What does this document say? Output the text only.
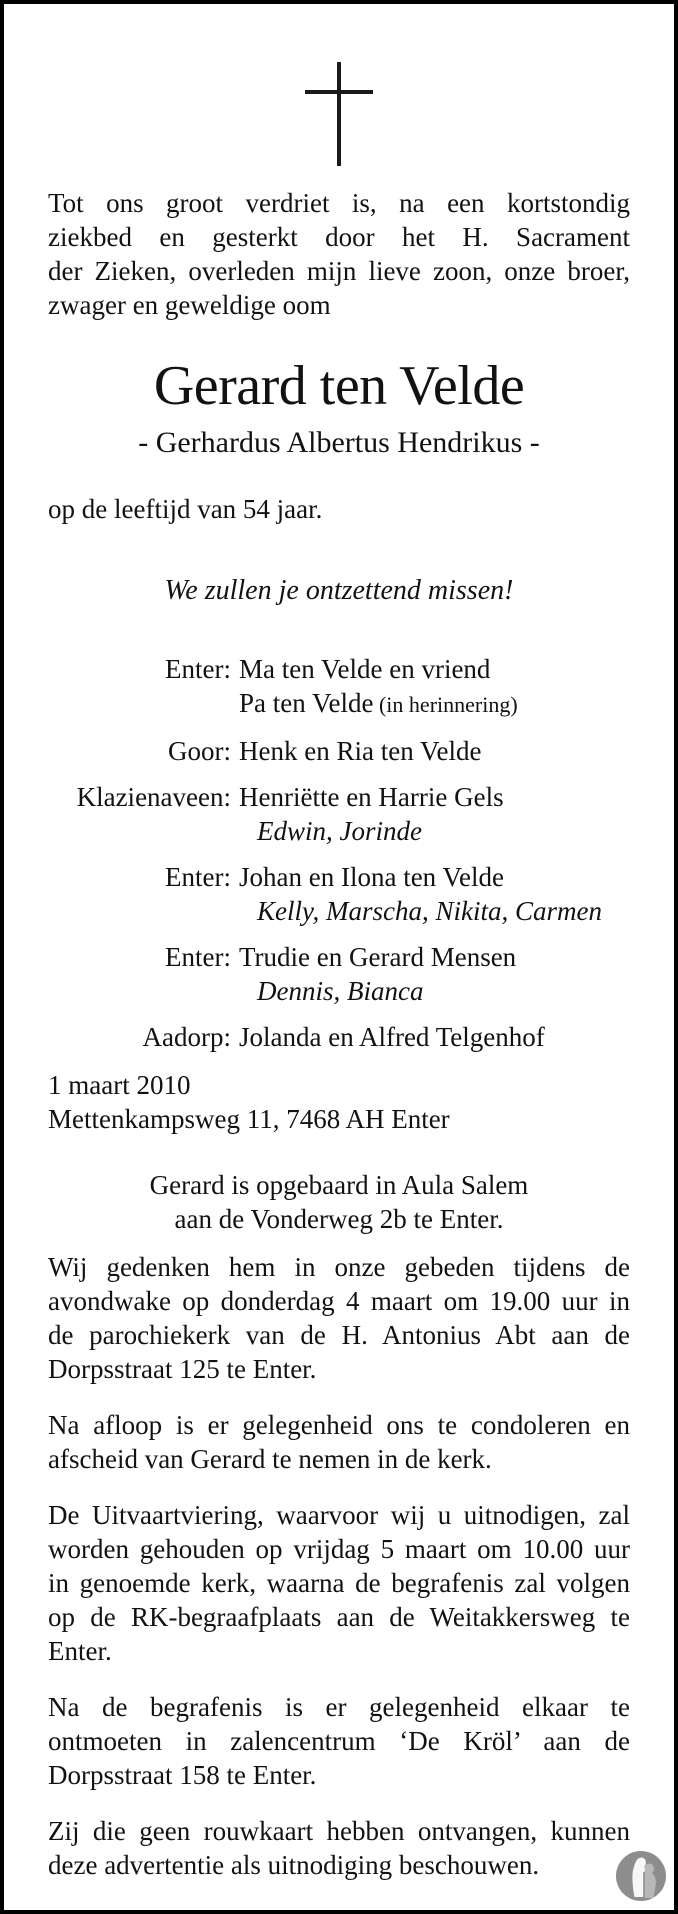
Tot ons groot verdriet is, na een kortstondig
ziekbed en gesterkt door het H. Sacrament
der Zieken, overleden mijn lieve zoon, onze broer,
zwager en geweldige oom
Gerard ten Velde
- Gerhardus Albertus Hendrikus -
op de leeftijd van 54 jaar.
We zullen je ontzettend missen!
Enter: Ma ten Velde en vriend
Pa ten Velde (in herinnering)
Goor: Henk en Ria ten Velde
Klazienaveen: Henriëtte en Harrie Gels
Edwin, Jorinde
Enter: Johan en Ilona ten Velde
Kelly, Marscha, Nikita, Carmen
Enter: Trudie en Gerard Mensen
Dennis, Bianca
Aadorp: Jolanda en Alfred Telgenhof
1 maart 2010
Mettenkampsweg 11, 7468 AH Enter
Gerard is opgebaard in Aula Salem
aan de Vonderweg 2b te Enter.
Wij gedenken hem in onze gebeden tijdens de
avondwake op donderdag 4 maart om 19.00 uur in
de parochiekerk van de H. Antonius Abt aan de
Dorpsstraat 125 te Enter.
Na afloop is er gelegenheid ons te condoleren en
afscheid van Gerard te nemen in de kerk.
De Uitvaartviering, waarvoor wij u uitnodigen, zal
worden gehouden op vrijdag 5 maart om 10.00 uur
in genoemde kerk, waarna de begrafenis zal volgen
op de RK-begraafplaats aan de Weitakkersweg te
Enter.
Na de begrafenis is er gelegenheid elkaar te
ontmoeten in zalencentrum ‘De Kröl’ aan de
Dorpsstraat 158 te Enter.
Zij die geen rouwkaart hebben ontvangen, kunnen
deze advertentie als uitnodiging beschouwen.
